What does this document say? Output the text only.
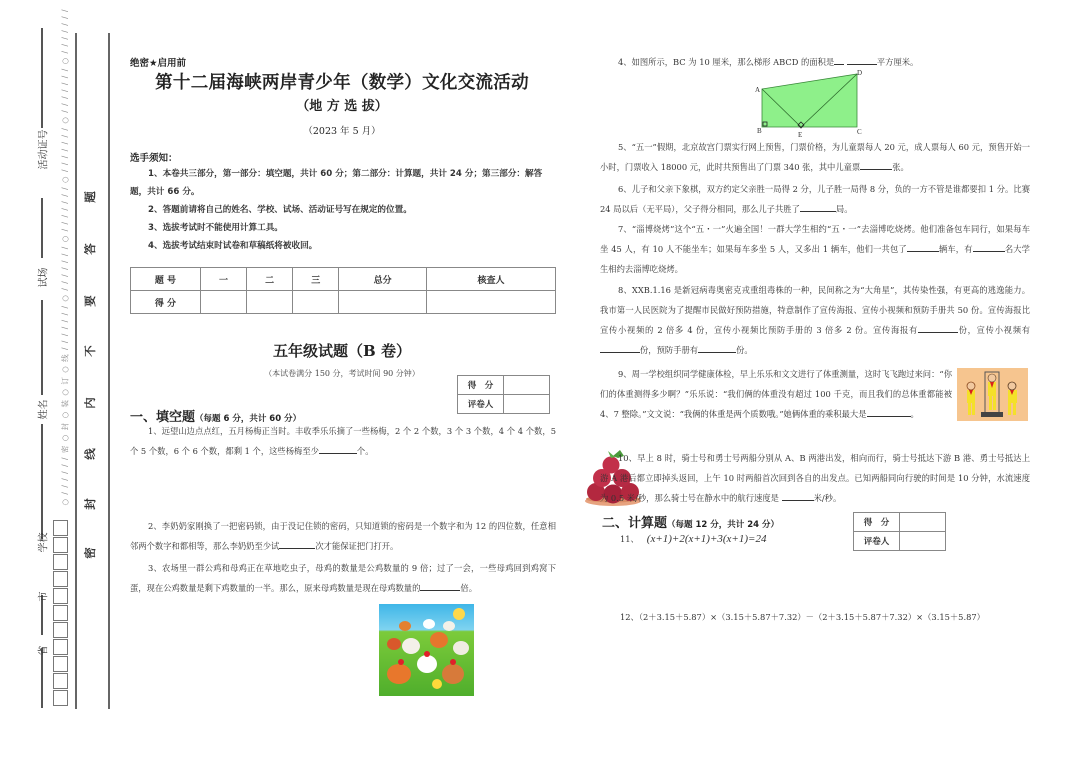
活动证号
试场
姓名
学校
市
省
○ / / / / / / 密 ○ 封 ○ 装 ○ 订 ○ 线 / / / / / / / ○ / / / / / / / ○ / / / / / / / ○ / / / / / / / ○ / / / / / / / ○ / / / / / / /
密
封
线
内
不
要
答
题
绝密★启用前
第十二届海峡两岸青少年（数学）文化交流活动
（地 方 选 拔）
（2023 年 5 月）
选手须知：
1、本卷共三部分，第一部分：填空题，共计 60 分；第二部分：计算题，共计 24 分；第三部分：解答题，共计 66 分。
2、答题前请将自己的姓名、学校、试场、活动证号写在规定的位置。
3、选拔考试时不能使用计算工具。
4、选拔考试结束时试卷和草稿纸将被收回。
题 号	一	二	三	总分	核查人
得 分					
五年级试题（B 卷）
（本试卷满分 150 分，考试时间 90 分钟）
得　分	
评卷人	
一、填空题（每题 6 分，共计 60 分）
1、远望山边点点红，五月杨梅正当时。丰收季乐乐摘了一些杨梅，2 个 2 个数，3 个 3 个数，4 个 4 个数，5 个 5 个数，6 个 6 个数，都剩 1 个，这些杨梅至少	个。
2、李奶奶家刚换了一把密码锁，由于没记住锁的密码，只知道锁的密码是一个数字和为 12 的四位数，任意相邻两个数字和都相等，那么李奶奶至少试	次才能保证把门打开。
3、农场里一群公鸡和母鸡正在草地吃虫子，母鸡的数量是公鸡数量的 9 倍；过了一会，一些母鸡回到鸡窝下蛋，现在公鸡数量是剩下鸡数量的一半。那么，原来母鸡数量是现在母鸡数量的	倍。
4、如图所示，BC 为 10 厘米，那么梯形 ABCD 的面积是	平方厘米。
A
B	C
D
E
5、“五一”假期，北京故宫门票实行网上预售，门票价格，为儿童票每人 20 元，成人票每人 60 元，预售开始一小时，门票收入 18000 元，此时共预售出了门票 340 张，其中儿童票	张。
6、儿子和父亲下象棋，双方约定父亲胜一局得 2 分，儿子胜一局得 8 分，负的一方不管是谁都要扣 1 分。比赛 24 局以后（无平局），父子得分相同，那么儿子共胜了	局。
7、“淄博烧烤”这个“五・一”火遍全国！一群大学生相约“五・一”去淄博吃烧烤。他们准备包车同行，如果每车坐 45 人，有 10 人不能坐车；如果每车多坐 5 人，又多出 1 辆车，他们一共包了	辆车，有	名大学生相约去淄博吃烧烤。
8、XXB.1.16 是新冠病毒奥密克戎重组毒株的一种，民间称之为“大角星”，其传染性强，有更高的逃逸能力。我市第一人民医院为了提醒市民做好预防措施，特意制作了宣传海报、宣传小视频和预防手册共 50 份。宣传海报比宣传小视频的 2 倍多 4 份，宣传小视频比预防手册的 3 倍多 2 份。宣传海报有	份，宣传小视频有份，预防手册有	份。
9、周一学校组织同学健康体检，早上乐乐和文文进行了体重测量，这时飞飞跑过来问：“你们的体重测得多少啊？”乐乐说：“我们俩的体重没有超过 100 千克，而且我们的总体重都能被 4、7 整除。”文文说：“我俩的体重是两个质数哦。”她俩体重的乘积最大是	。
10、早上 8 时，骑士号和勇士号两船分别从 A、B 两港出发，相向而行，骑士号抵达下游 B 港、勇士号抵达上游 A 港后都立即掉头返回，上午 10 时两船首次回到各自的出发点。已知两船同向行驶的时间是 10 分钟，水流速度为 0.5 米/秒，那么骑士号在静水中的航行速度是	米/秒。
二、计算题（每题 12 分，共计 24 分）	得　分	
评卷人	
11、 (x+1)+2(x+1)+3(x+1)=24
12、（2＋3.15＋5.87）×（3.15＋5.87＋7.32）－（2＋3.15＋5.87＋7.32）×（3.15＋5.87）
